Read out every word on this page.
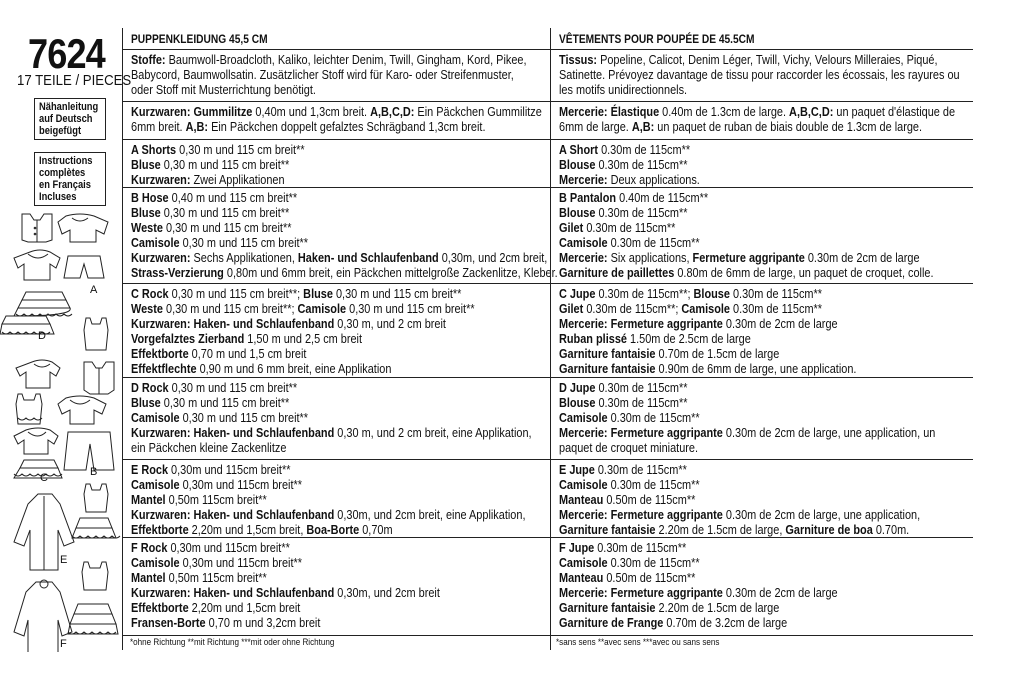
7624
17 TEILE / PIECES
Nähanleitung
auf Deutsch
beigefügt
Instructions
complètes
en Français
Incluses
A
D
B
C
E
F
PUPPENKLEIDUNG 45,5 CM
Stoffe: Baumwoll-Broadcloth, Kaliko, leichter Denim, Twill, Gingham, Kord, Pikee,
Babycord, Baumwollsatin. Zusätzlicher Stoff wird für Karo- oder Streifenmuster,
oder Stoff mit Musterrichtung benötigt.
Kurzwaren: Gummilitze 0,40m und 1,3cm breit. A,B,C,D: Ein Päckchen Gummilitze
6mm breit. A,B: Ein Päckchen doppelt gefalztes Schrägband 1,3cm breit.
A Shorts 0,30 m und 115 cm breit**
Bluse 0,30 m und 115 cm breit**
Kurzwaren: Zwei Applikationen
B Hose 0,40 m und 115 cm breit**
Bluse 0,30 m und 115 cm breit**
Weste 0,30 m und 115 cm breit**
Camisole 0,30 m und 115 cm breit**
Kurzwaren: Sechs Applikationen, Haken- und Schlaufenband 0,30m, und 2cm breit,
Strass-Verzierung 0,80m und 6mm breit, ein Päckchen mittelgroße Zackenlitze, Kleber.
C Rock 0,30 m und 115 cm breit**; Bluse 0,30 m und 115 cm breit**
Weste 0,30 m und 115 cm breit**; Camisole 0,30 m und 115 cm breit**
Kurzwaren: Haken- und Schlaufenband 0,30 m, und 2 cm breit
Vorgefalztes Zierband 1,50 m und 2,5 cm breit
Effektborte 0,70 m und 1,5 cm breit
Effektflechte 0,90 m und 6 mm breit, eine Applikation
D Rock 0,30 m und 115 cm breit**
Bluse 0,30 m und 115 cm breit**
Camisole 0,30 m und 115 cm breit**
Kurzwaren: Haken- und Schlaufenband 0,30 m, und 2 cm breit, eine Applikation,
ein Päckchen kleine Zackenlitze
E Rock 0,30m und 115cm breit**
Camisole 0,30m und 115cm breit**
Mantel 0,50m 115cm breit**
Kurzwaren: Haken- und Schlaufenband 0,30m, und 2cm breit, eine Applikation,
Effektborte 2,20m und 1,5cm breit, Boa-Borte 0,70m
F Rock 0,30m und 115cm breit**
Camisole 0,30m und 115cm breit**
Mantel 0,50m 115cm breit**
Kurzwaren: Haken- und Schlaufenband 0,30m, und 2cm breit
Effektborte 2,20m und 1,5cm breit
Fransen-Borte 0,70 m und 3,2cm breit
*ohne Richtung **mit Richtung ***mit oder ohne Richtung
VÊTEMENTS POUR POUPÉE DE 45.5CM
Tissus: Popeline, Calicot, Denim Léger, Twill, Vichy, Velours Milleraies, Piqué,
Satinette. Prévoyez davantage de tissu pour raccorder les écossais, les rayures ou
les motifs unidirectionnels.
Mercerie: Élastique 0.40m de 1.3cm de large. A,B,C,D: un paquet d'élastique de
6mm de large. A,B: un paquet de ruban de biais double de 1.3cm de large.
A Short 0.30m de 115cm**
Blouse 0.30m de 115cm**
Mercerie: Deux applications.
B Pantalon 0.40m de 115cm**
Blouse 0.30m de 115cm**
Gilet 0.30m de 115cm**
Camisole 0.30m de 115cm**
Mercerie: Six applications, Fermeture aggripante 0.30m de 2cm de large
Garniture de paillettes 0.80m de 6mm de large, un paquet de croquet, colle.
C Jupe 0.30m de 115cm**; Blouse 0.30m de 115cm**
Gilet 0.30m de 115cm**; Camisole 0.30m de 115cm**
Mercerie: Fermeture aggripante 0.30m de 2cm de large
Ruban plissé 1.50m de 2.5cm de large
Garniture fantaisie 0.70m de 1.5cm de large
Garniture fantaisie 0.90m de 6mm de large, une application.
D Jupe 0.30m de 115cm**
Blouse 0.30m de 115cm**
Camisole 0.30m de 115cm**
Mercerie: Fermeture aggripante 0.30m de 2cm de large, une application, un
paquet de croquet miniature.
E Jupe 0.30m de 115cm**
Camisole 0.30m de 115cm**
Manteau 0.50m de 115cm**
Mercerie: Fermeture aggripante 0.30m de 2cm de large, une application,
Garniture fantaisie 2.20m de 1.5cm de large, Garniture de boa 0.70m.
F Jupe 0.30m de 115cm**
Camisole 0.30m de 115cm**
Manteau 0.50m de 115cm**
Mercerie: Fermeture aggripante 0.30m de 2cm de large
Garniture fantaisie 2.20m de 1.5cm de large
Garniture de Frange 0.70m de 3.2cm de large
*sans sens **avec sens ***avec ou sans sens
